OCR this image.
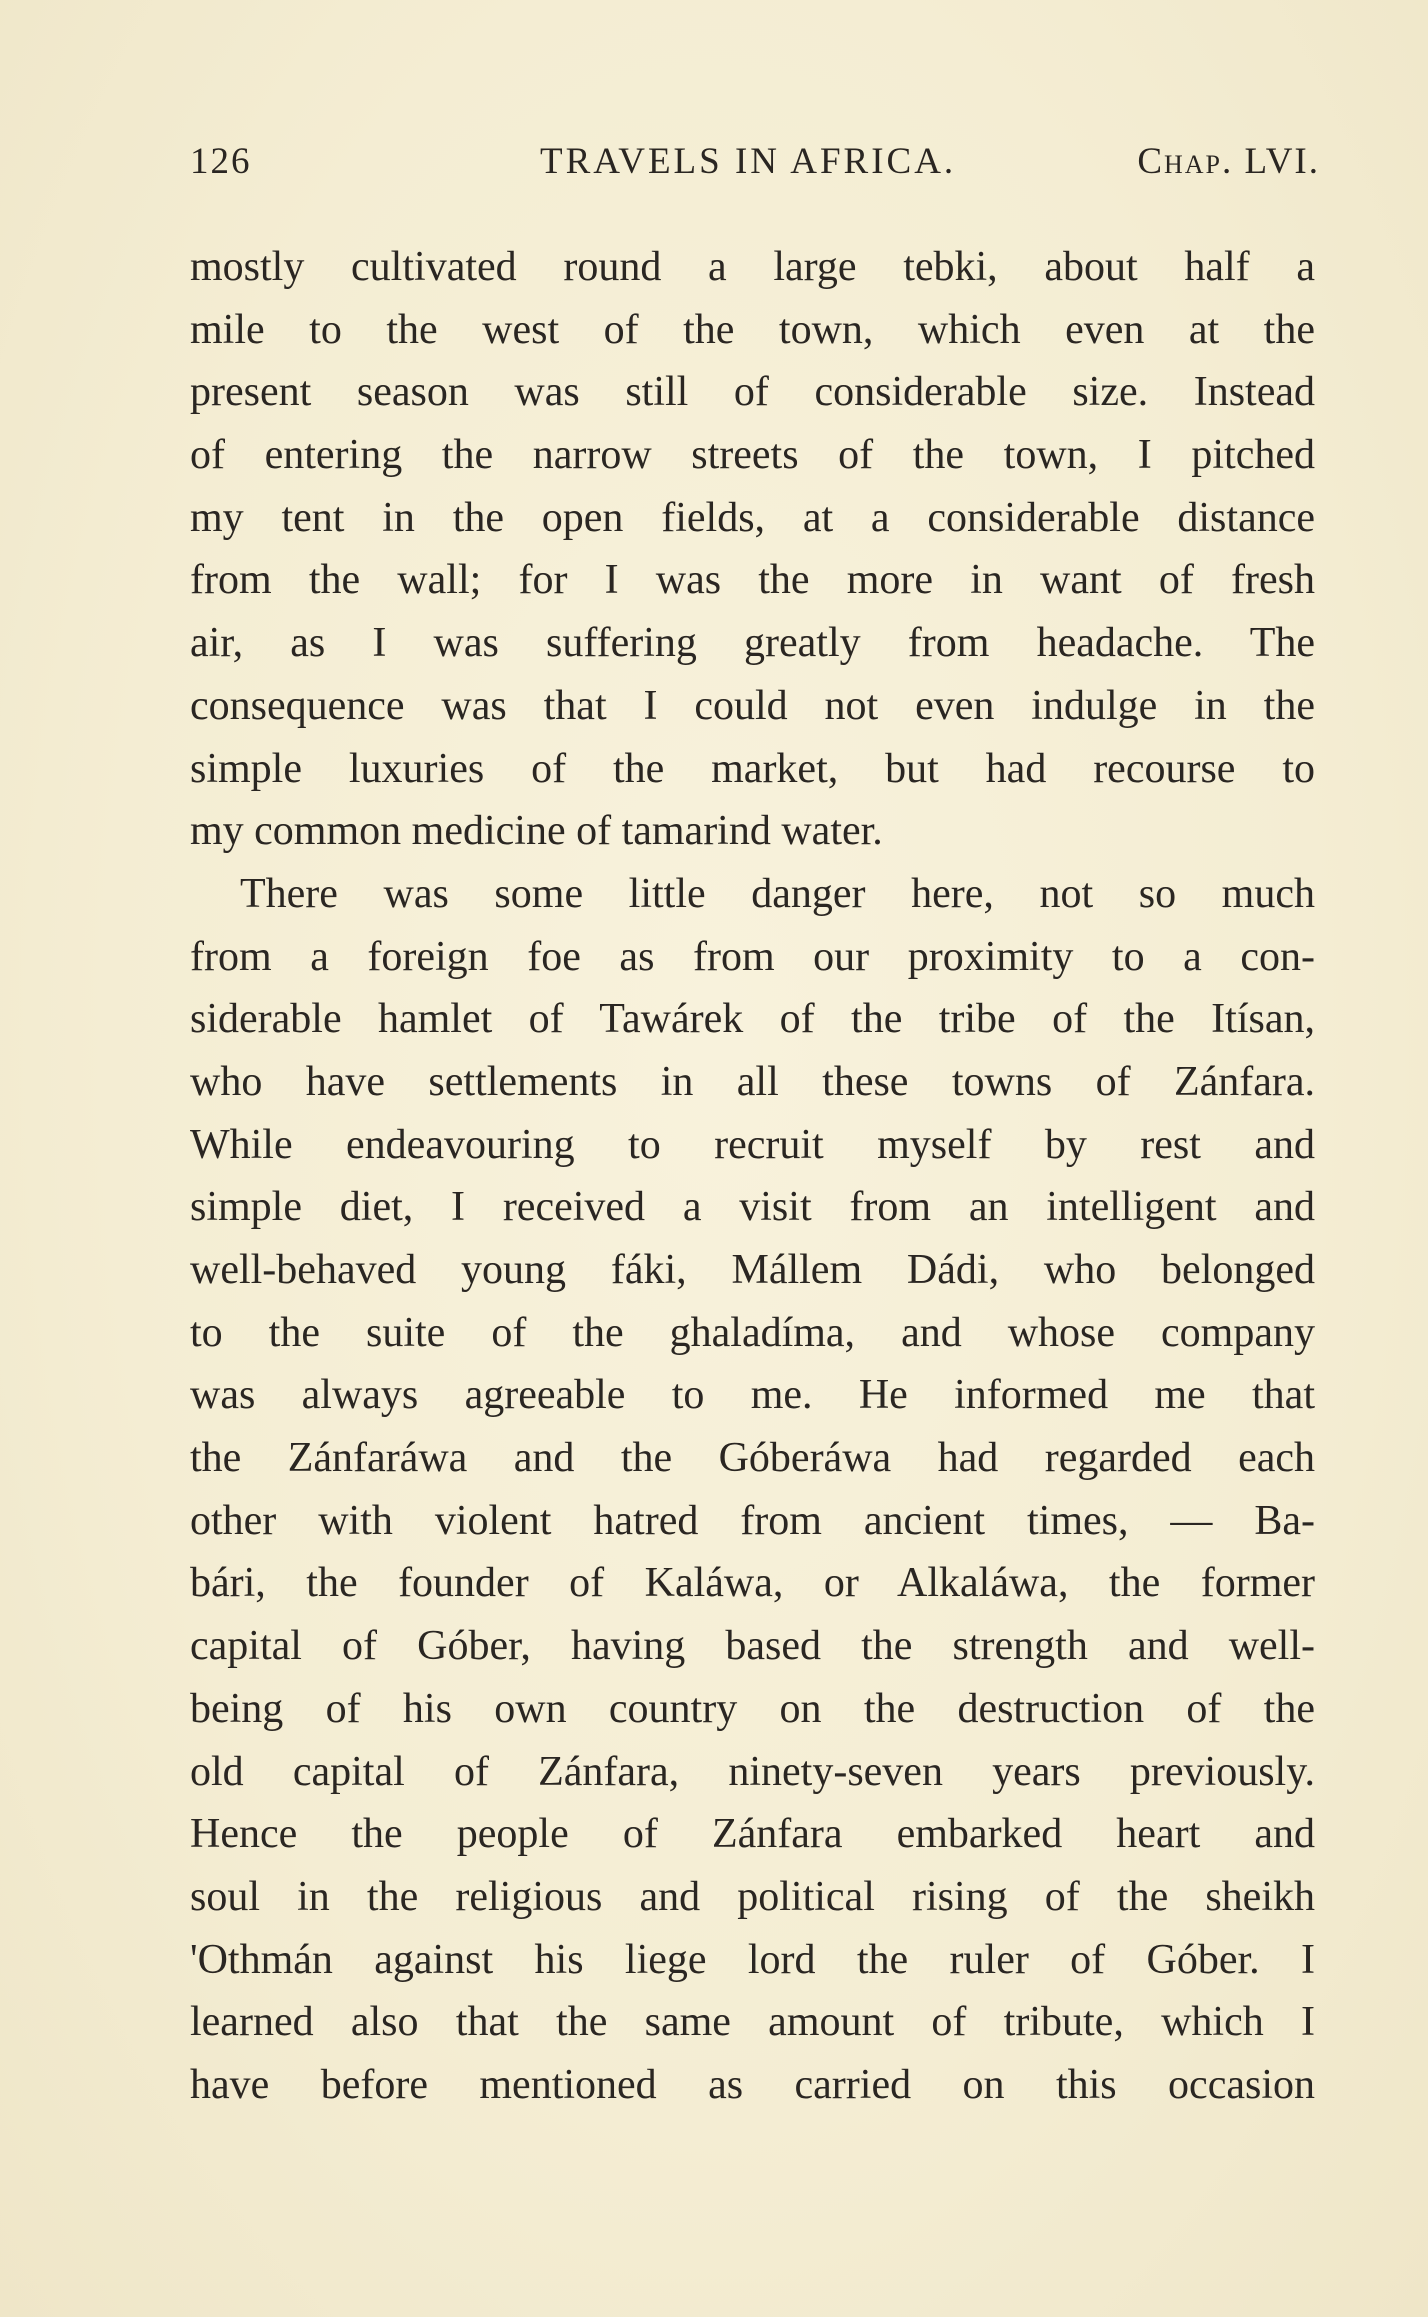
126	TRAVELS IN AFRICA.	Chap. LVI.
mostly cultivated round a large tebki, about half a
mile to the west of the town, which even at the
present season was still of considerable size. Instead
of entering the narrow streets of the town, I pitched
my tent in the open fields, at a considerable distance
from the wall; for I was the more in want of fresh
air, as I was suffering greatly from headache. The
consequence was that I could not even indulge in the
simple luxuries of the market, but had recourse to
my common medicine of tamarind water.
There was some little danger here, not so much
from a foreign foe as from our proximity to a con-
siderable hamlet of Tawárek of the tribe of the Itísan,
who have settlements in all these towns of Zánfara.
While endeavouring to recruit myself by rest and
simple diet, I received a visit from an intelligent and
well-behaved young fáki, Mállem Dádi, who belonged
to the suite of the ghaladíma, and whose company
was always agreeable to me. He informed me that
the Zánfaráwa and the Góberáwa had regarded each
other with violent hatred from ancient times, — Ba-
bári, the founder of Kaláwa, or Alkaláwa, the former
capital of Góber, having based the strength and well-
being of his own country on the destruction of the
old capital of Zánfara, ninety-seven years previously.
Hence the people of Zánfara embarked heart and
soul in the religious and political rising of the sheikh
'Othmán against his liege lord the ruler of Góber. I
learned also that the same amount of tribute, which I
have before mentioned as carried on this occasion
